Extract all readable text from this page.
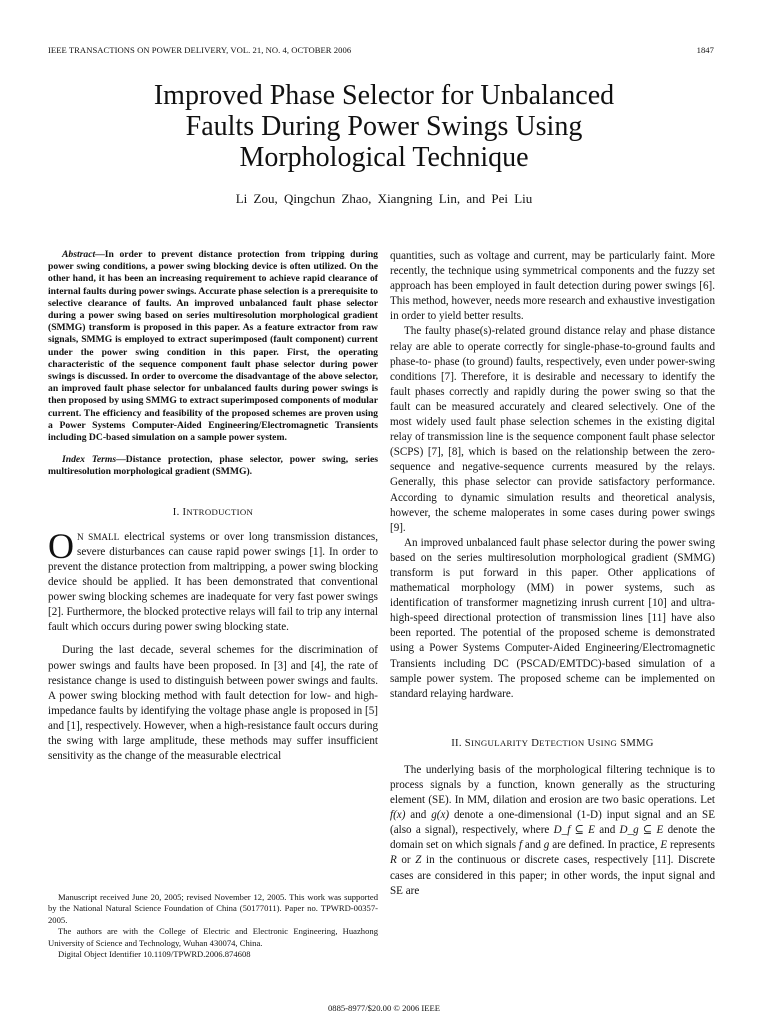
IEEE TRANSACTIONS ON POWER DELIVERY, VOL. 21, NO. 4, OCTOBER 2006	1847
Improved Phase Selector for Unbalanced
Faults During Power Swings Using
Morphological Technique
Li Zou, Qingchun Zhao, Xiangning Lin, and Pei Liu

Abstract—In order to prevent distance protection from tripping during power swing conditions, a power swing blocking device is often utilized. On the other hand, it has been an increasing requirement to achieve rapid clearance of internal faults during power swings. Accurate phase selection is a prerequisite to selective clearance of faults. An improved unbalanced fault phase selector during a power swing based on series multiresolution morphological gradient (SMMG) transform is proposed in this paper. As a feature extractor from raw signals, SMMG is employed to extract superimposed (fault component) current under the power swing condition in this paper. First, the operating characteristic of the sequence component fault phase selector during power swings is discussed. In order to overcome the disadvantage of the above selector, an improved fault phase selector for unbalanced faults during power swings is then proposed by using SMMG to extract superimposed components of modular current. The efficiency and feasibility of the proposed schemes are proven using a Power Systems Computer-Aided Engineering/Electromagnetic Transients including DC-based simulation on a sample power system.

Index Terms—Distance protection, phase selector, power swing, series multiresolution morphological gradient (SMMG).

I. INTRODUCTION

O N SMALL electrical systems or over long transmission distances, severe disturbances can cause rapid power swings [1]. In order to prevent the distance protection from maltripping, a power swing blocking device should be applied. It has been demonstrated that conventional power swing blocking schemes are inadequate for very fast power swings [2]. Furthermore, the blocked protective relays will fail to trip any internal fault which occurs during power swing blocking state.

During the last decade, several schemes for the discrimination of power swings and faults have been proposed. In [3] and [4], the rate of resistance change is used to distinguish between power swings and faults. A power swing blocking method with fault detection for low- and high-impedance faults by identifying the voltage phase angle is proposed in [5] and [1], respectively. However, when a high-resistance fault occurs during the swing with large amplitude, these methods may suffer insufficient sensitivity as the change of the measurable electrical

Manuscript received June 20, 2005; revised November 12, 2005. This work was supported by the National Natural Science Foundation of China (50177011). Paper no. TPWRD-00357-2005.

The authors are with the College of Electric and Electronic Engineering, Huazhong University of Science and Technology, Wuhan 430074, China.

Digital Object Identifier 10.1109/TPWRD.2006.874608

quantities, such as voltage and current, may be particularly faint. More recently, the technique using symmetrical components and the fuzzy set approach has been employed in fault detection during power swings [6]. This method, however, needs more research and exhaustive investigation in order to yield better results.

The faulty phase(s)-related ground distance relay and phase distance relay are able to operate correctly for single-phase-to-ground faults and phase-to- phase (to ground) faults, respectively, even under power-swing conditions [7]. Therefore, it is desirable and necessary to identify the fault phases correctly and rapidly during the power swing so that the fault can be measured accurately and cleared selectively. One of the most widely used fault phase selection schemes in the existing digital relay of transmission line is the sequence component fault phase selector (SCPS) [7], [8], which is based on the relationship between the zero-sequence and negative-sequence currents measured by the relays. Generally, this phase selector can provide satisfactory performance. According to dynamic simulation results and theoretical analysis, however, the scheme maloperates in some cases during power swings [9].

An improved unbalanced fault phase selector during the power swing based on the series multiresolution morphological gradient (SMMG) transform is put forward in this paper. Other applications of mathematical morphology (MM) in power systems, such as identification of transformer magnetizing inrush current [10] and ultra-high-speed directional protection of transmission lines [11] have also been reported. The potential of the proposed scheme is demonstrated using a Power Systems Computer-Aided Engineering/Electromagnetic Transients including DC (PSCAD/EMTDC)-based simulation of a sample power system. The proposed scheme can be implemented on standard relaying hardware.

II. SINGULARITY DETECTION USING SMMG

The underlying basis of the morphological filtering technique is to process signals by a function, known generally as the structuring element (SE). In MM, dilation and erosion are two basic operations. Let f(x) and g(x) denote a one-dimensional (1-D) input signal and an SE (also a signal), respectively, where D_f ⊆ E and D_g ⊆ E denote the domain set on which signals f and g are defined. In practice, E represents R or Z in the continuous or discrete cases, respectively [11]. Discrete cases are considered in this paper; in other words, the input signal and SE are

0885-8977/$20.00 © 2006 IEEE
